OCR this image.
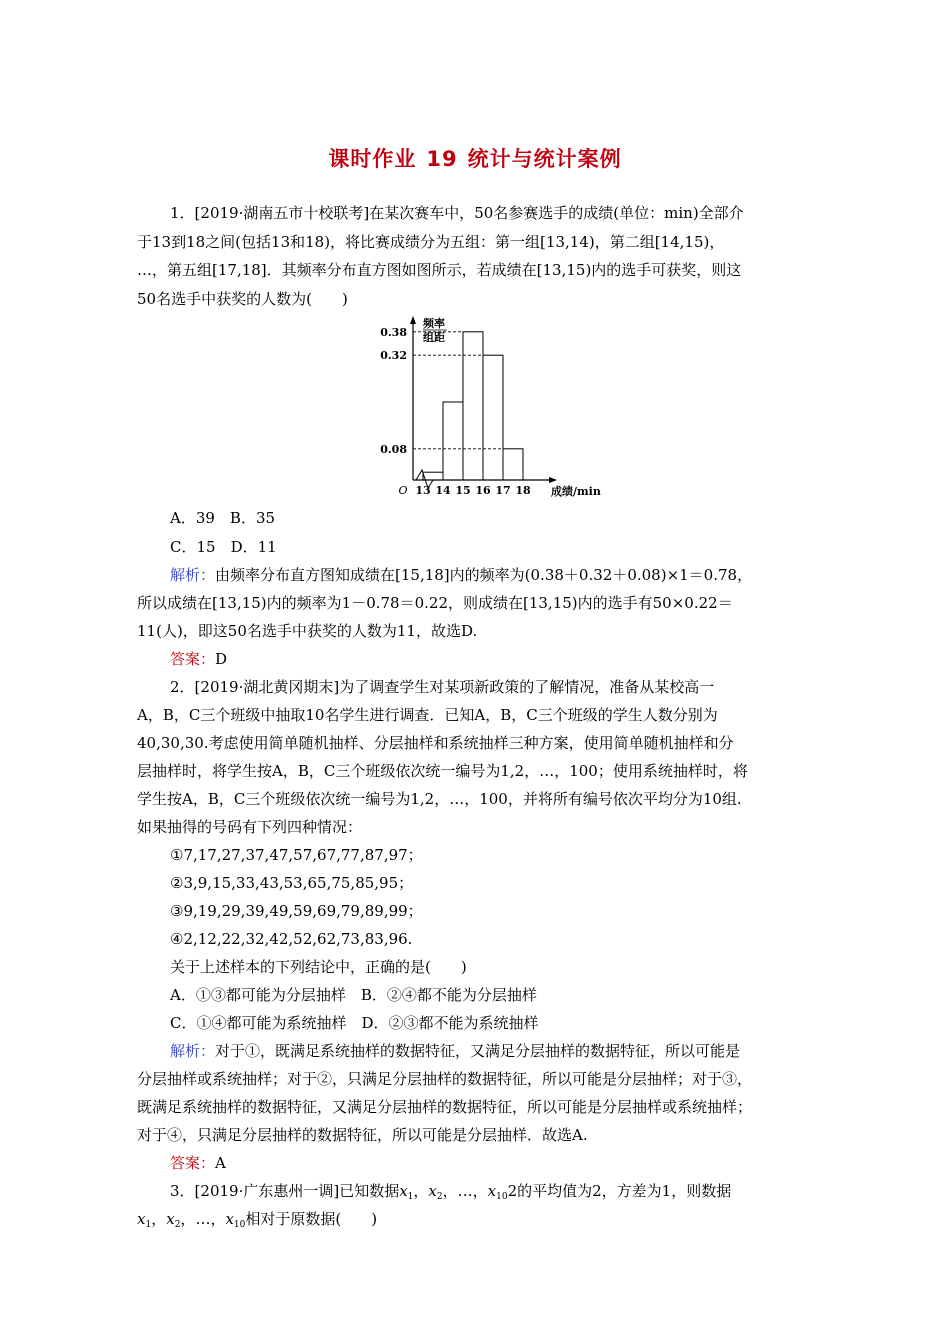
课时作业 19 统计与统计案例
1．[2019·湖南五市十校联考]在某次赛车中，50名参赛选手的成绩(单位：min)全部介
于13到18之间(包括13和18)，将比赛成绩分为五组：第一组[13,14)，第二组[14,15)，
…，第五组[17,18]．其频率分布直方图如图所示，若成绩在[13,15)内的选手可获奖，则这
50名选手中获奖的人数为(　　)
0.38
0.32
0.08
13 14 15 16 17 18
O
频率
组距
成绩/min
A．39　B．35
C．15　D．11
解析：由频率分布直方图知成绩在[15,18]内的频率为(0.38＋0.32＋0.08)×1＝0.78，
所以成绩在[13,15)内的频率为1－0.78＝0.22，则成绩在[13,15)内的选手有50×0.22＝
11(人)，即这50名选手中获奖的人数为11，故选D.
答案：D
2．[2019·湖北黄冈期末]为了调查学生对某项新政策的了解情况，准备从某校高一
A，B，C三个班级中抽取10名学生进行调查．已知A，B，C三个班级的学生人数分别为
40,30,30.考虑使用简单随机抽样、分层抽样和系统抽样三种方案，使用简单随机抽样和分
层抽样时，将学生按A，B，C三个班级依次统一编号为1,2，…，100；使用系统抽样时，将
学生按A，B，C三个班级依次统一编号为1,2，…，100，并将所有编号依次平均分为10组.
如果抽得的号码有下列四种情况：
①7,17,27,37,47,57,67,77,87,97；
②3,9,15,33,43,53,65,75,85,95；
③9,19,29,39,49,59,69,79,89,99；
④2,12,22,32,42,52,62,73,83,96.
关于上述样本的下列结论中，正确的是(　　)
A．①③都可能为分层抽样　B．②④都不能为分层抽样
C．①④都可能为系统抽样　D．②③都不能为系统抽样
解析：对于①，既满足系统抽样的数据特征，又满足分层抽样的数据特征，所以可能是
分层抽样或系统抽样；对于②，只满足分层抽样的数据特征，所以可能是分层抽样；对于③，
既满足系统抽样的数据特征，又满足分层抽样的数据特征，所以可能是分层抽样或系统抽样；
对于④，只满足分层抽样的数据特征，所以可能是分层抽样．故选A.
答案：A
3．[2019·广东惠州一调]已知数据$x_1$，$x_2$，…，$x_{10}2$的平均值为2，方差为1，则数据
$x_1$，$x_2$，…，$x_{10}$相对于原数据(　　)
